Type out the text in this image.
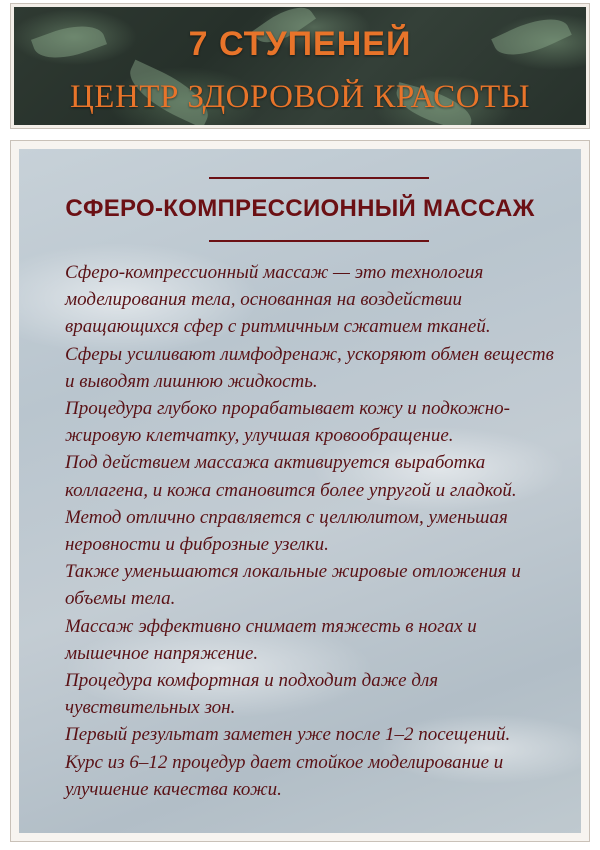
7 СТУПЕНЕЙ
ЦЕНТР ЗДОРОВОЙ КРАСОТЫ
СФЕРО-КОМПРЕССИОННЫЙ МАССАЖ
Сферо-компрессионный массаж — это технология моделирования тела, основанная на воздействии вращающихся сфер с ритмичным сжатием тканей.
Сферы усиливают лимфодренаж, ускоряют обмен веществ и выводят лишнюю жидкость.
Процедура глубоко прорабатывает кожу и подкожно-жировую клетчатку, улучшая кровообращение.
Под действием массажа активируется выработка коллагена, и кожа становится более упругой и гладкой.
Метод отлично справляется с целлюлитом, уменьшая неровности и фиброзные узелки.
Также уменьшаются локальные жировые отложения и объемы тела.
Массаж эффективно снимает тяжесть в ногах и мышечное напряжение.
Процедура комфортная и подходит даже для чувствительных зон.
Первый результат заметен уже после 1–2 посещений.
Курс из 6–12 процедур дает стойкое моделирование и улучшение качества кожи.
